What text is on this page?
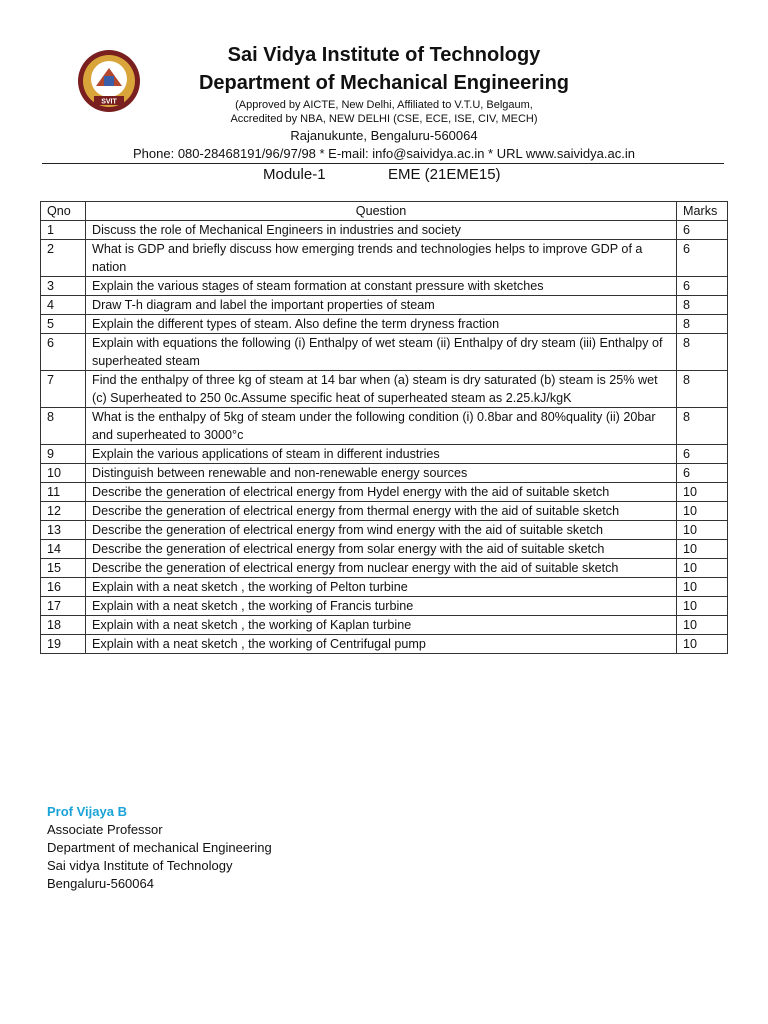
SVIT
Sai Vidya Institute of Technology
Department of Mechanical Engineering
(Approved by AICTE, New Delhi, Affiliated to V.T.U, Belgaum,
Accredited by NBA, NEW DELHI (CSE, ECE, ISE, CIV, MECH)
Rajanukunte, Bengaluru-560064
Phone: 080-28468191/96/97/98 * E-mail: info@saividya.ac.in * URL www.saividya.ac.in
Module-1	EME (21EME15)
Qno	Question	Marks
1	Discuss the role of Mechanical Engineers in industries and society	6
2	What is GDP and briefly discuss how emerging trends and technologies helps to improve GDP of a nation	6
3	Explain the various stages of steam formation at constant pressure with sketches	6
4	Draw T-h diagram and label the important properties of steam	8
5	Explain the different types of steam. Also define the term dryness fraction	8
6	Explain with equations the following (i) Enthalpy of wet steam (ii) Enthalpy of dry steam (iii) Enthalpy of superheated steam	8
7	Find the enthalpy of three kg of steam at 14 bar when (a) steam is dry saturated (b) steam is 25% wet (c) Superheated to 250 0c.Assume specific heat of superheated steam as 2.25.kJ/kgK	8
8	What is the enthalpy of 5kg of steam under the following condition (i) 0.8bar and 80%quality (ii) 20bar and superheated to 3000°c	8
9	Explain the various applications of steam in different industries	6
10	Distinguish between renewable and non-renewable energy sources	6
11	Describe the generation of electrical energy from Hydel energy with the aid of suitable sketch	10
12	Describe the generation of electrical energy from thermal energy with the aid of suitable sketch	10
13	Describe the generation of electrical energy from wind energy with the aid of suitable sketch	10
14	Describe the generation of electrical energy from solar energy with the aid of suitable sketch	10
15	Describe the generation of electrical energy from nuclear energy with the aid of suitable sketch	10
16	Explain with a neat sketch , the working of Pelton turbine	10
17	Explain with a neat sketch , the working of Francis turbine	10
18	Explain with a neat sketch , the working of Kaplan turbine	10
19	Explain with a neat sketch , the working of Centrifugal pump	10
Prof Vijaya B
Associate Professor
Department of mechanical Engineering
Sai vidya Institute of Technology
Bengaluru-560064
